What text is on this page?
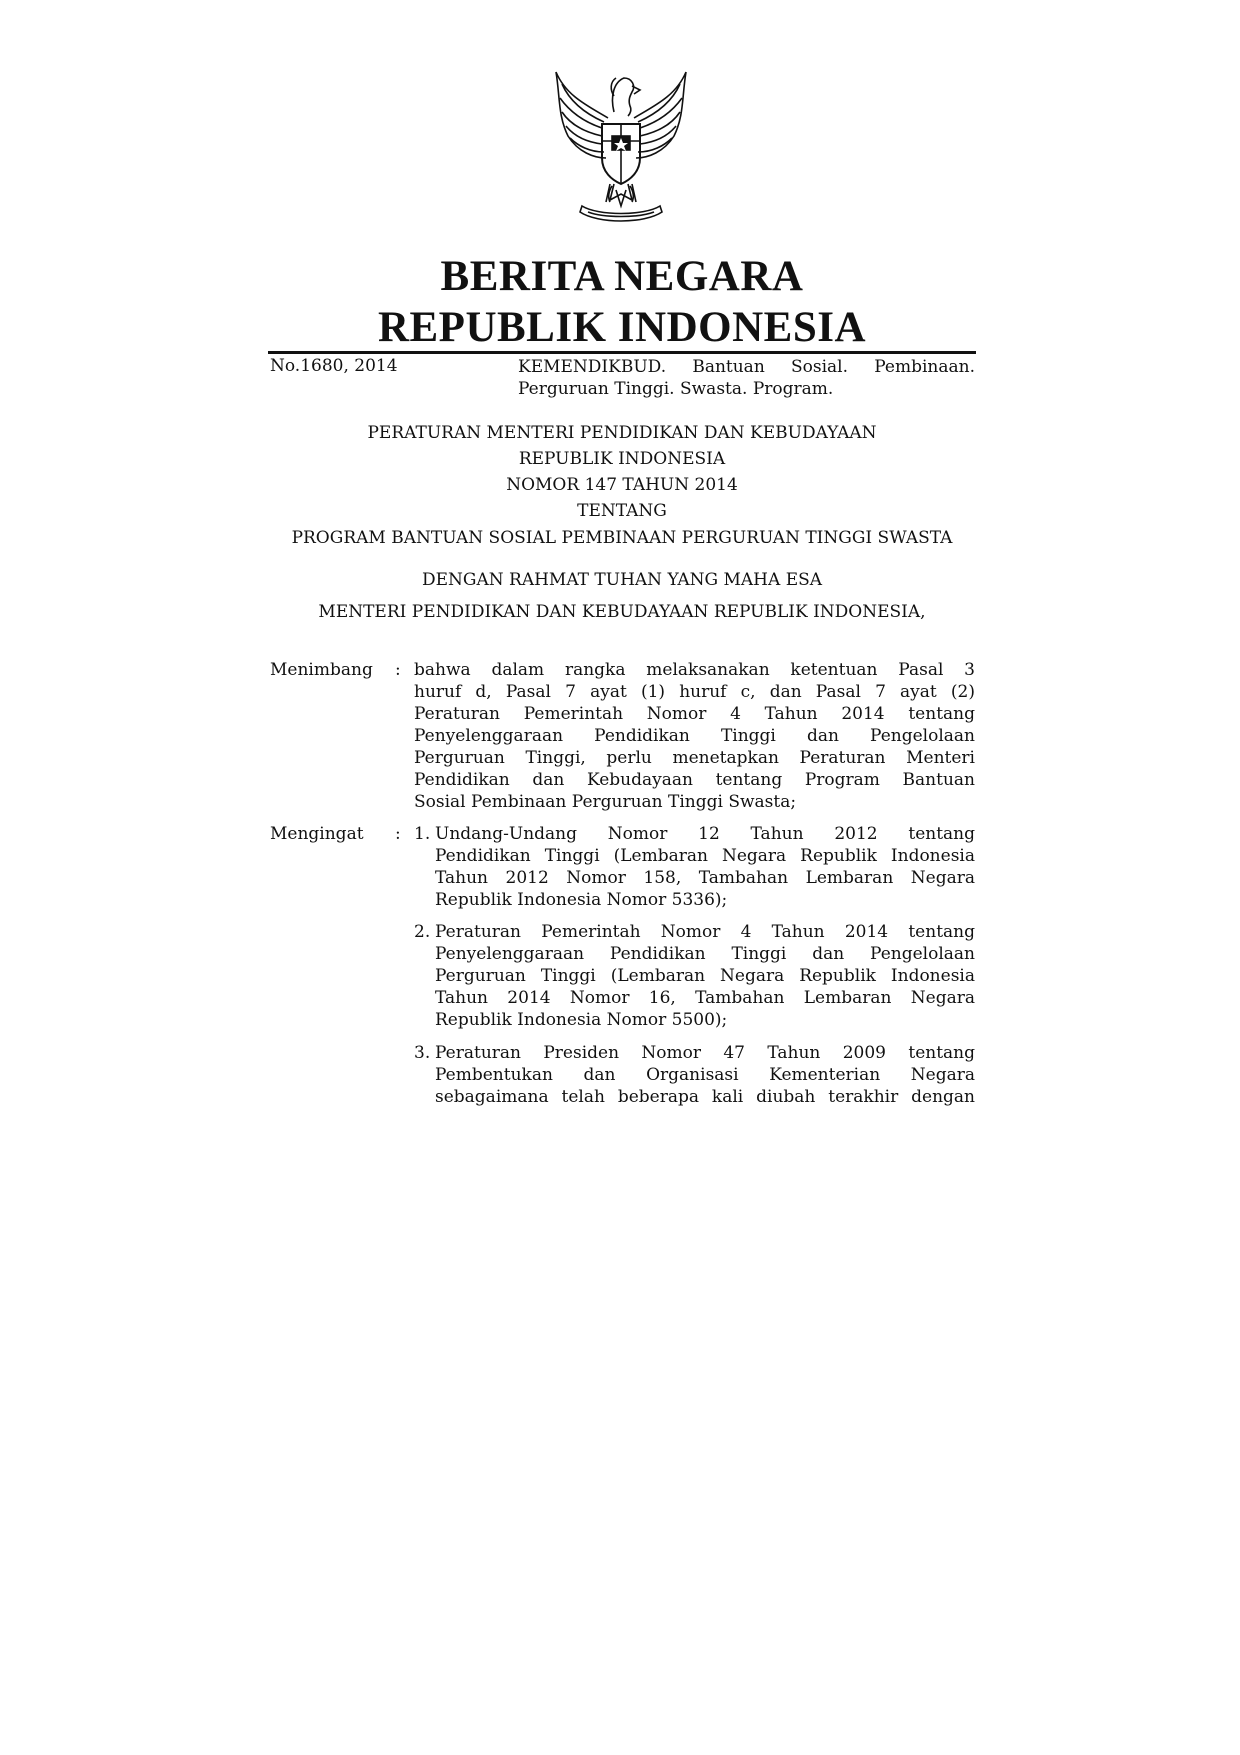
BERITA NEGARA
REPUBLIK INDONESIA
No.1680, 2014	KEMENDIKBUD. Bantuan Sosial. Pembinaan.
Perguruan Tinggi. Swasta. Program.
PERATURAN MENTERI PENDIDIKAN DAN KEBUDAYAAN
REPUBLIK INDONESIA
NOMOR 147 TAHUN 2014
TENTANG
PROGRAM BANTUAN SOSIAL PEMBINAAN PERGURUAN TINGGI SWASTA
DENGAN RAHMAT TUHAN YANG MAHA ESA
MENTERI PENDIDIKAN DAN KEBUDAYAAN REPUBLIK INDONESIA,
Menimbang : bahwa dalam rangka melaksanakan ketentuan Pasal 3
huruf d, Pasal 7 ayat (1) huruf c, dan Pasal 7 ayat (2)
Peraturan Pemerintah Nomor 4 Tahun 2014 tentang
Penyelenggaraan Pendidikan Tinggi dan Pengelolaan
Perguruan Tinggi, perlu menetapkan Peraturan Menteri
Pendidikan dan Kebudayaan tentang Program Bantuan
Sosial Pembinaan Perguruan Tinggi Swasta;
Mengingat : 1. Undang-Undang Nomor 12 Tahun 2012 tentang
Pendidikan Tinggi (Lembaran Negara Republik Indonesia
Tahun 2012 Nomor 158, Tambahan Lembaran Negara
Republik Indonesia Nomor 5336);
2. Peraturan Pemerintah Nomor 4 Tahun 2014 tentang
Penyelenggaraan Pendidikan Tinggi dan Pengelolaan
Perguruan Tinggi (Lembaran Negara Republik Indonesia
Tahun 2014 Nomor 16, Tambahan Lembaran Negara
Republik Indonesia Nomor 5500);
3. Peraturan Presiden Nomor 47 Tahun 2009 tentang
Pembentukan dan Organisasi Kementerian Negara
sebagaimana telah beberapa kali diubah terakhir dengan
